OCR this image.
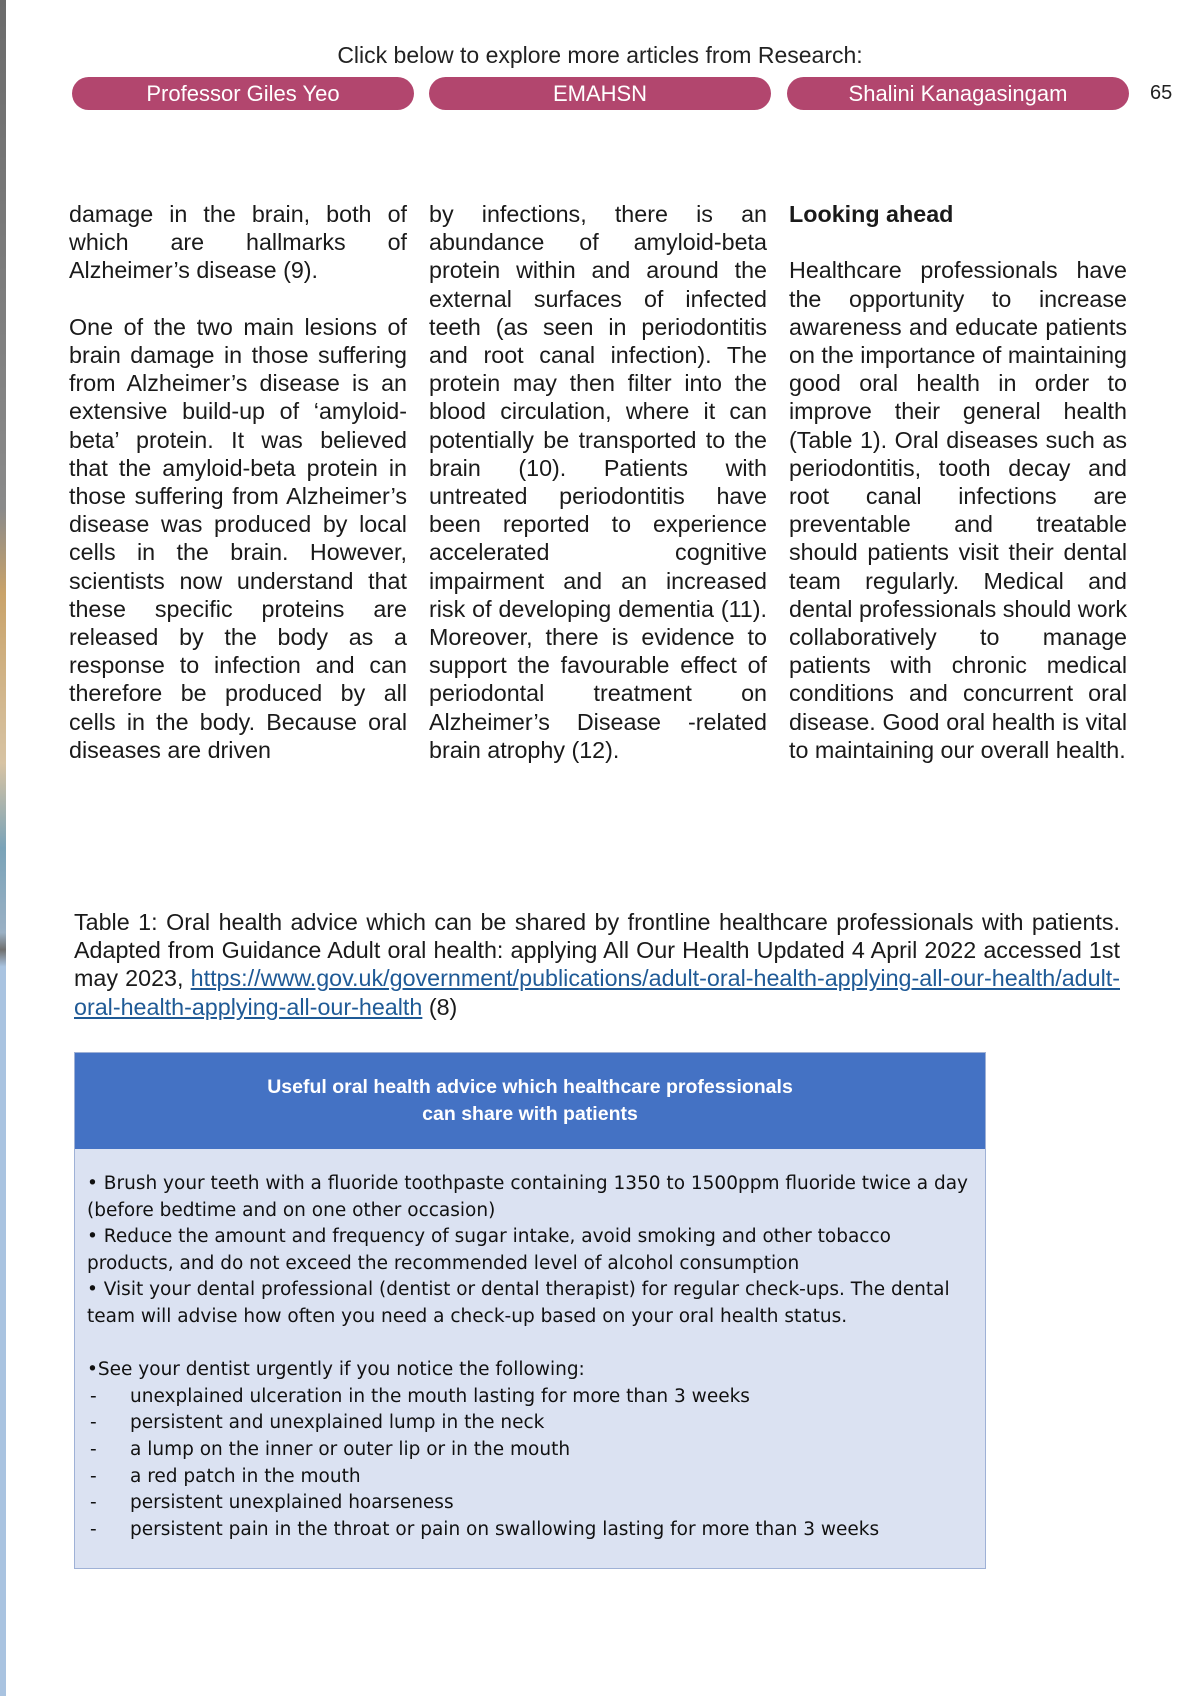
Click below to explore more articles from Research:
Professor Giles Yeo	EMAHSN	Shalini Kanagasingam	65

damage in the brain, both of which are hallmarks of Alzheimer’s disease (9).

One of the two main lesions of brain damage in those suffering from Alzheimer’s disease is an extensive build-up of ‘amyloid-beta’ protein. It was believed that the amyloid-beta protein in those suffering from Alzheimer’s disease was produced by local cells in the brain. However, scientists now understand that these specific proteins are released by the body as a response to infection and can therefore be produced by all cells in the body. Because oral diseases are driven

by infections, there is an abundance of amyloid-beta protein within and around the external surfaces of infected teeth (as seen in periodontitis and root canal infection). The protein may then filter into the blood circulation, where it can potentially be transported to the brain (10). Patients with untreated periodontitis have been reported to experience accelerated cognitive impairment and an increased risk of developing dementia (11). Moreover, there is evidence to support the favourable effect of periodontal treatment on Alzheimer’s Disease -related brain atrophy (12).

Looking ahead

Healthcare professionals have the opportunity to increase awareness and educate patients on the importance of maintaining good oral health in order to improve their general health (Table 1). Oral diseases such as periodontitis, tooth decay and root canal infections are preventable and treatable should patients visit their dental team regularly. Medical and dental professionals should work collaboratively to manage patients with chronic medical conditions and concurrent oral disease. Good oral health is vital to maintaining our overall health.

Table 1: Oral health advice which can be shared by frontline healthcare professionals with patients. Adapted from Guidance Adult oral health: applying All Our Health Updated 4 April 2022 accessed 1st may 2023, https://www.gov.uk/government/publications/adult-oral-health-applying-all-our-health/adult-oral-health-applying-all-our-health (8)
Useful oral health advice which healthcare professionals
can share with patients

• Brush your teeth with a fluoride toothpaste containing 1350 to 1500ppm fluoride twice a day (before bedtime and on one other occasion)

• Reduce the amount and frequency of sugar intake, avoid smoking and other tobacco products, and do not exceed the recommended level of alcohol consumption

• Visit your dental professional (dentist or dental therapist) for regular check-ups. The dental team will advise how often you need a check-up based on your oral health status.

•See your dentist urgently if you notice the following:

-	unexplained ulceration in the mouth lasting for more than 3 weeks
-	persistent and unexplained lump in the neck
-	a lump on the inner or outer lip or in the mouth
-	a red patch in the mouth
-	persistent unexplained hoarseness
-	persistent pain in the throat or pain on swallowing lasting for more than 3 weeks
